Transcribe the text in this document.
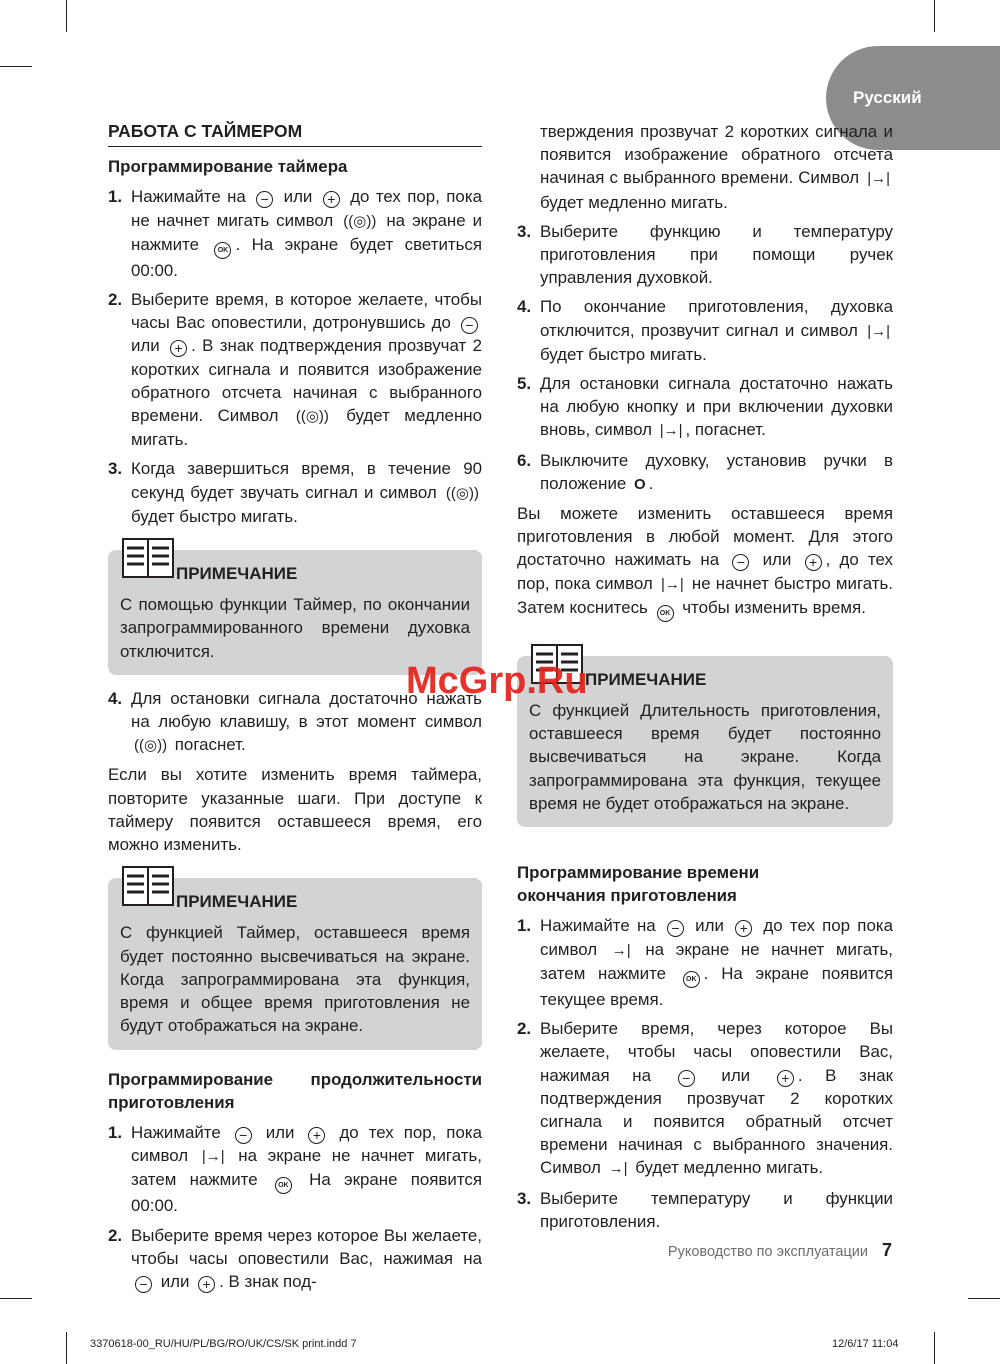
Русский
РАБОТА С ТАЙМЕРОМ
Программирование таймера
1. Нажимайте на − или + до тех пор, пока не начнет мигать символ ((◎)) на экране и нажмите	OK . На экране будет светиться 00:00.
2. Выберите время, в которое желаете, чтобы часы Вас оповестили, дотронувшись до − или + . В знак подтверждения прозвучат 2 коротких сигнала и появится изображение обратного отсчета начиная с выбранного времени. Символ ((◎)) будет медленно мигать.
3. Когда завершиться время, в течение 90 секунд будет звучать сигнал и символ ((◎)) будет быстро мигать.
ПРИМЕЧАНИЕ
С помощью функции Таймер, по окончании запрограммированного времени духовка отключится.
4. Для остановки сигнала достаточно нажать на любую клавишу, в этот момент символ ((◎)) погаснет.
Если вы хотите изменить время таймера, повторите указанные шаги. При доступе к таймеру появится оставшееся время, его можно изменить.
ПРИМЕЧАНИЕ
С функцией Таймер, оставшееся время будет постоянно высвечиваться на экране. Когда запрограммирована эта функция, время и общее время приготовления не будут отображаться на экране.
Программирование продолжительности приготовления
1. Нажимайте − или + до тех пор, пока символ |→| на экране не начнет мигать, затем нажмите	OK На экране появится 00:00.
2. Выберите время через которое Вы желаете, чтобы часы оповестили Вас, нажимая на − или + . В знак под-
тверждения прозвучат 2 коротких сигнала и появится изображение обратного отсчета начиная с выбранного времени. Символ |→| будет медленно мигать.
3. Выберите функцию и температуру приготовления при помощи ручек управления духовкой.
4. По окончание приготовления, духовка отключится, прозвучит сигнал и символ |→| будет быстро мигать.
5. Для остановки сигнала достаточно нажать на любую кнопку и при включении духовки вновь, символ |→| , погаснет.
6. Выключите духовку, установив ручки в положение O .
Вы можете изменить оставшееся время приготовления в любой момент. Для этого достаточно нажимать на − или + , до тех пор, пока символ |→| не начнет быстро мигать. Затем коснитесь OK чтобы изменить время.
ПРИМЕЧАНИЕ
С функцией Длительность приготовления, оставшееся время будет постоянно высвечиваться на экране. Когда запрограммирована эта функция, текущее время не будет отображаться на экране.
Программирование времени окончания приготовления
1. Нажимайте на − или + до тех пор пока символ →| на экране не начнет мигать, затем нажмите	OK . На экране появится текущее время.
2. Выберите время, через которое Вы желаете, чтобы часы оповестили Вас, нажимая на − или + . В знак подтверждения прозвучат 2 коротких сигнала и появится обратный отсчет времени начиная с выбранного значения. Символ →| будет медленно мигать.
3. Выберите температуру и функции приготовления.
McGrp.Ru
Руководство по эксплуатации 7
3370618-00_RU/HU/PL/BG/RO/UK/CS/SK print.indd 7	12/6/17 11:04
